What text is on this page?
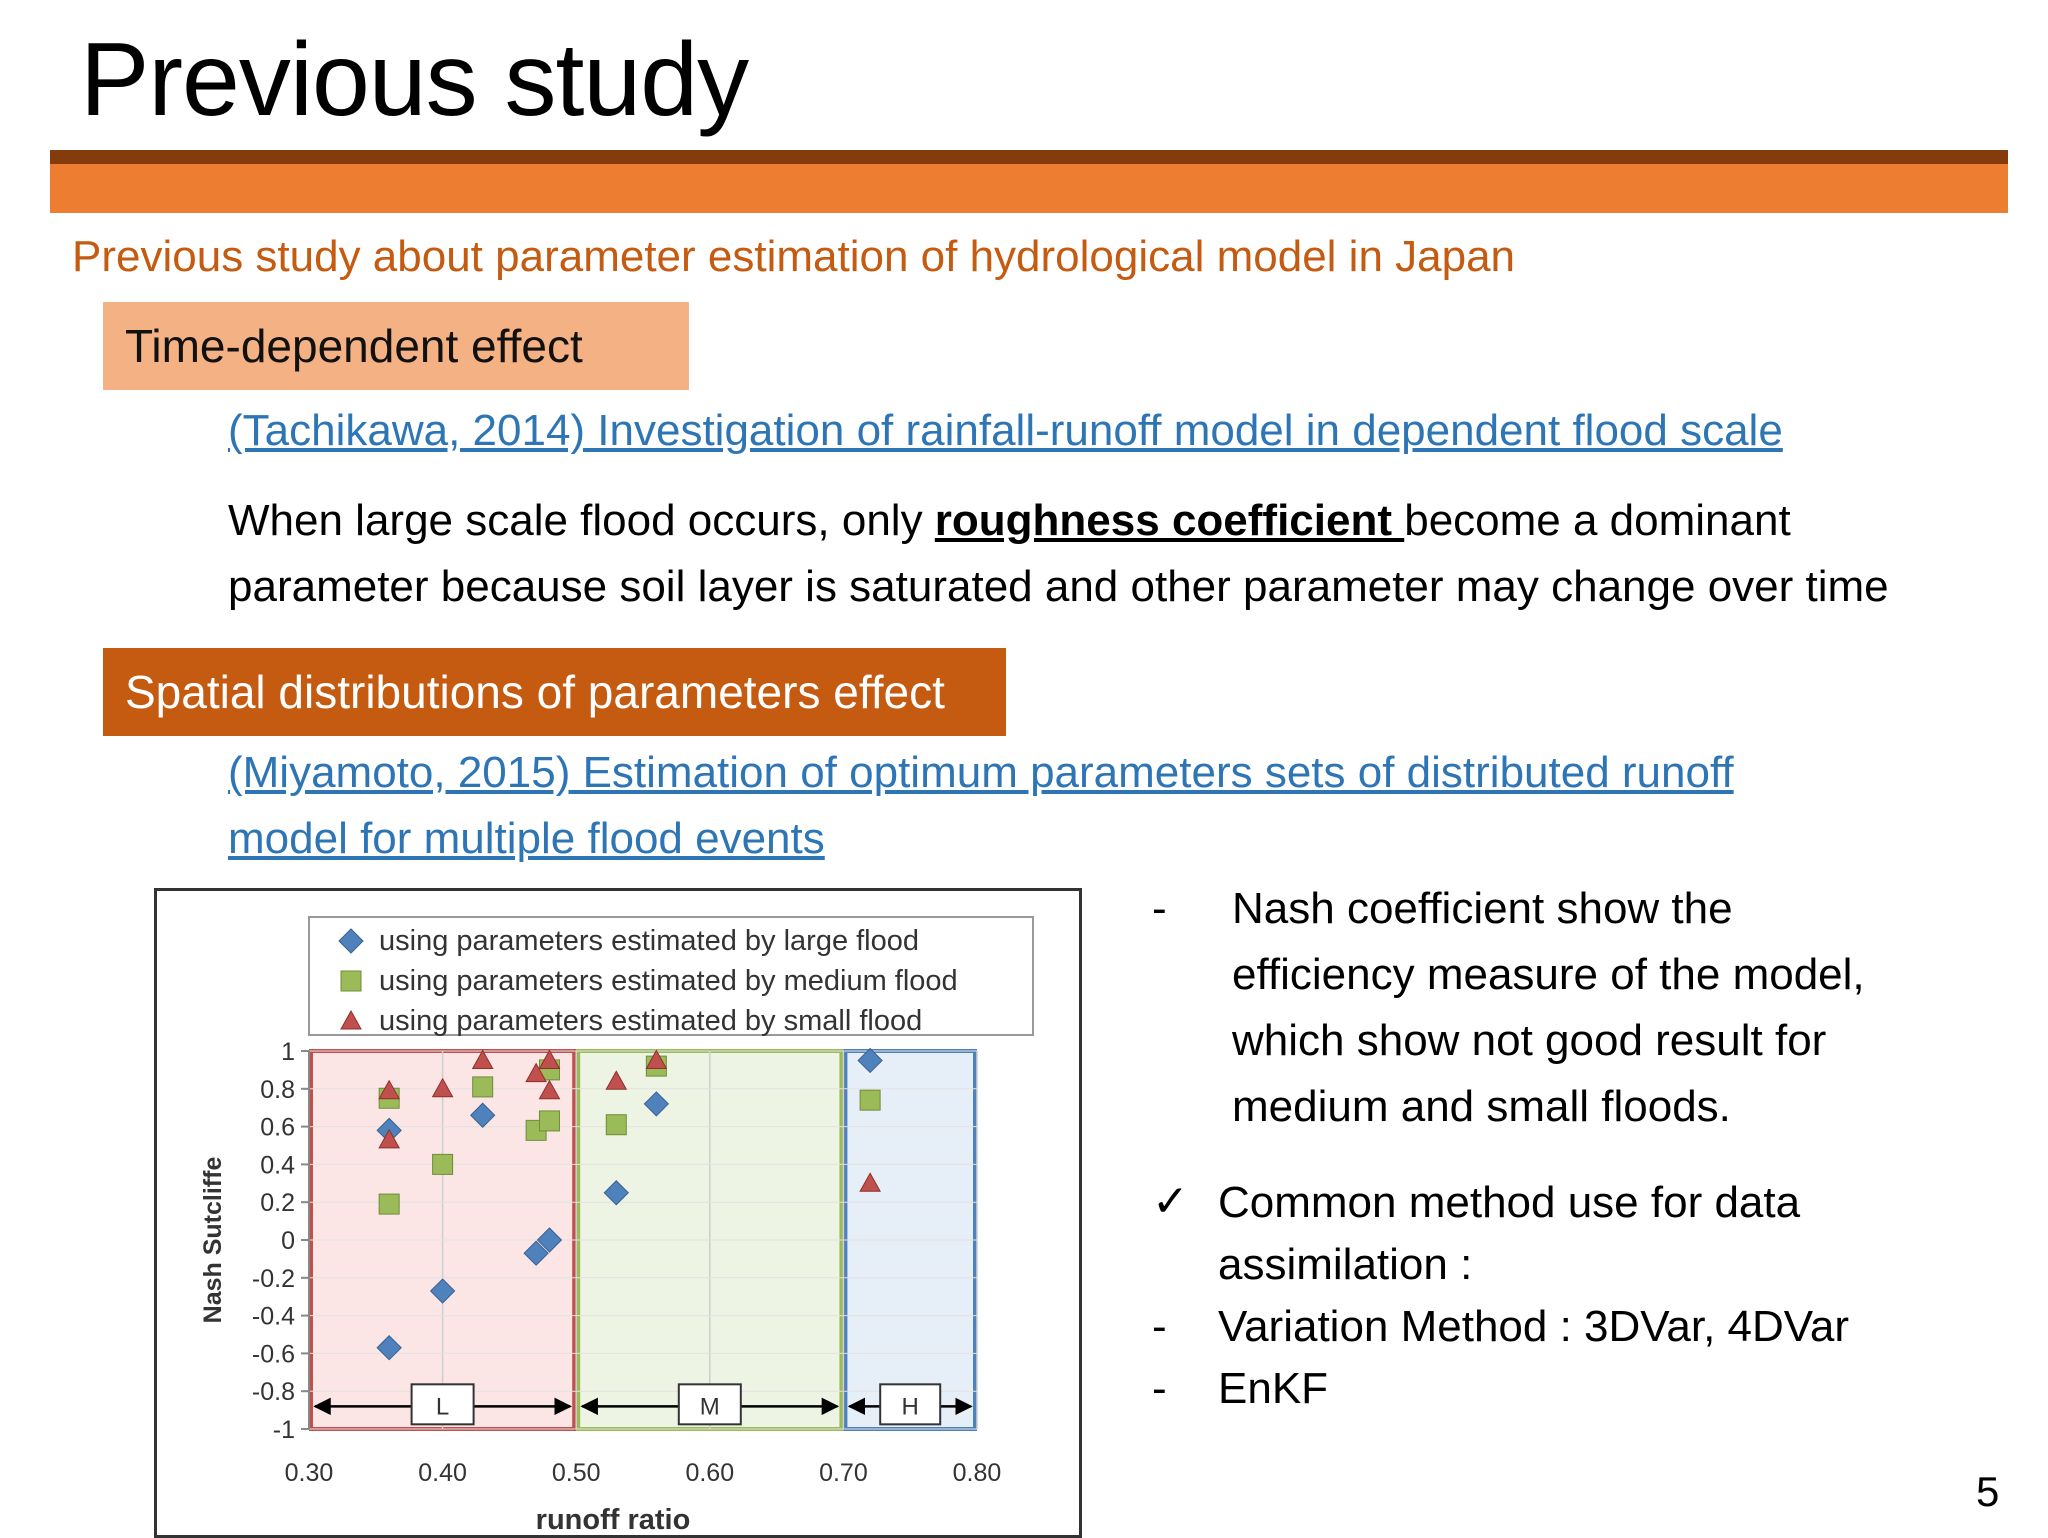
Previous study
Previous study about parameter estimation of hydrological model in Japan
Time-dependent effect
(Tachikawa, 2014) Investigation of rainfall-runoff model in dependent flood scale
When large scale flood occurs, only roughness coefficient become a dominant
parameter because soil layer is saturated and other parameter may change over time
Spatial distributions of parameters effect
(Miyamoto, 2015) Estimation of optimum parameters sets of distributed runoff
model for multiple flood events
L	M	H
using parameters estimated by large flood
using parameters estimated by medium flood
using parameters estimated by small flood
1
0.8
0.6
0.4
0.2
0
-0.2
-0.4
-0.6
-0.8
-1
0.30	0.40	0.50	0.60	0.70	0.80
runoff ratio
Nash Sutcliffe
- Nash coefficient show the
efficiency measure of the model,
which show not good result for
medium and small floods.
✓ Common method use for data
assimilation :
- Variation Method : 3DVar, 4DVar
- EnKF
5
